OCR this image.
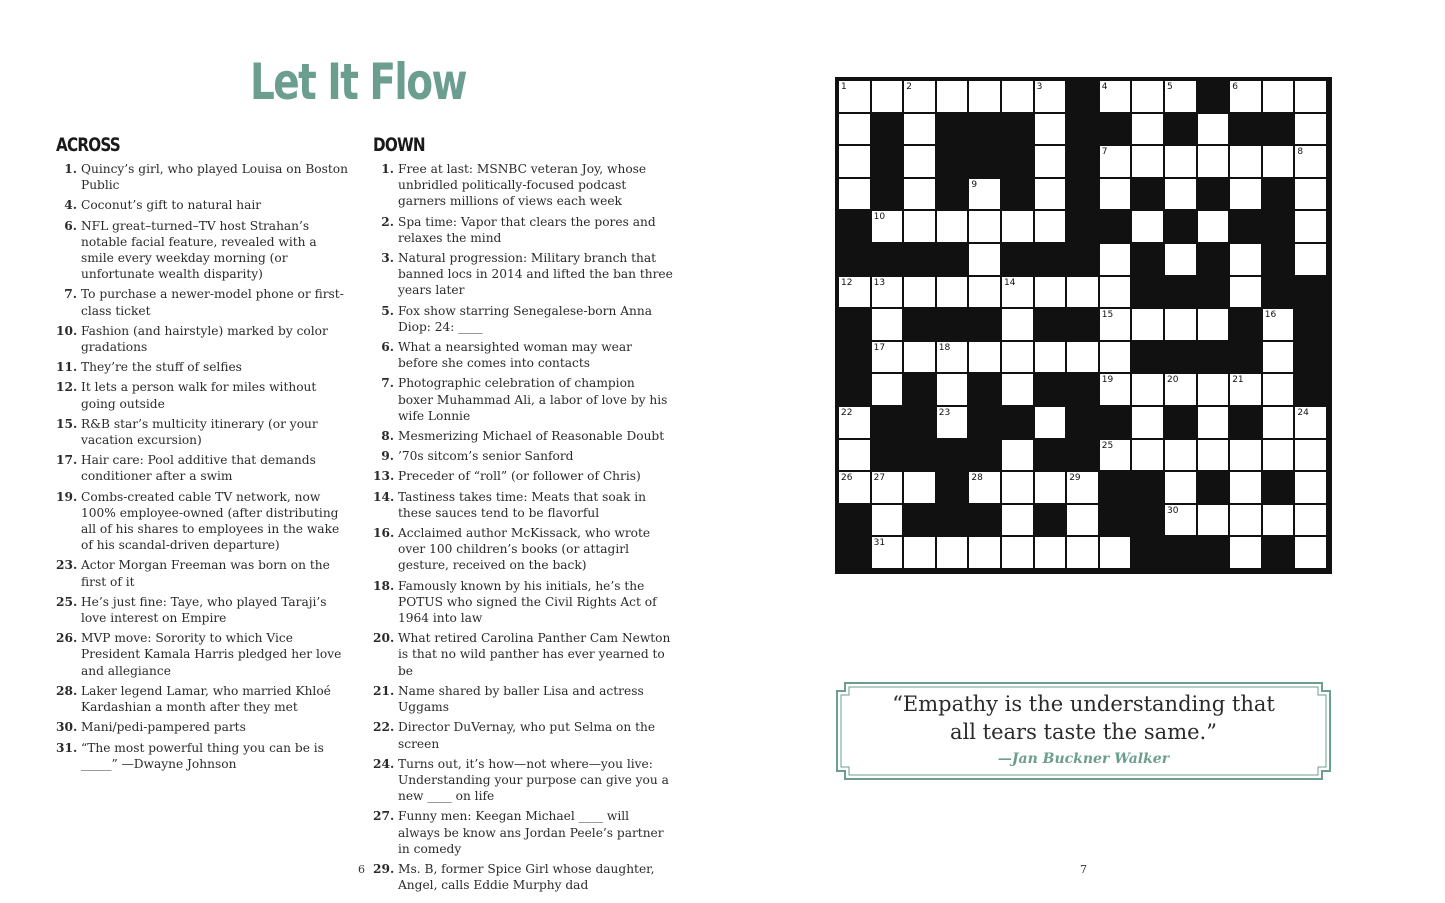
Let It Flow
ACROSS
1. Quincy’s girl, who played Louisa on Boston Public
4. Coconut’s gift to natural hair
6. NFL great–turned–TV host Strahan’s notable facial feature, revealed with a smile every weekday morning (or unfortunate wealth disparity)
7. To purchase a newer-model phone or first-class ticket
10. Fashion (and hairstyle) marked by color gradations
11. They’re the stuff of selfies
12. It lets a person walk for miles without going outside
15. R&B star’s multicity itinerary (or your vacation excursion)
17. Hair care: Pool additive that demands conditioner after a swim
19. Combs-created cable TV network, now 100% employee-owned (after distributing all of his shares to employees in the wake of his scandal-driven departure)
23. Actor Morgan Freeman was born on the first of it
25. He’s just fine: Taye, who played Taraji’s love interest on Empire
26. MVP move: Sorority to which Vice President Kamala Harris pledged her love and allegiance
28. Laker legend Lamar, who married Khloé Kardashian a month after they met
30. Mani/pedi-pampered parts
31. “The most powerful thing you can be is _____” —Dwayne Johnson
DOWN
1. Free at last: MSNBC veteran Joy, whose unbridled politically-focused podcast garners millions of views each week
2. Spa time: Vapor that clears the pores and relaxes the mind
3. Natural progression: Military branch that banned locs in 2014 and lifted the ban three years later
5. Fox show starring Senegalese-born Anna Diop: 24: ____
6. What a nearsighted woman may wear before she comes into contacts
7. Photographic celebration of champion boxer Muhammad Ali, a labor of love by his wife Lonnie
8. Mesmerizing Michael of Reasonable Doubt
9. ’70s sitcom’s senior Sanford
13. Preceder of “roll” (or follower of Chris)
14. Tastiness takes time: Meats that soak in these sauces tend to be flavorful
16. Acclaimed author McKissack, who wrote over 100 children’s books (or attagirl gesture, received on the back)
18. Famously known by his initials, he’s the POTUS who signed the Civil Rights Act of 1964 into law
20. What retired Carolina Panther Cam Newton is that no wild panther has ever yearned to be
21. Name shared by baller Lisa and actress Uggams
22. Director DuVernay, who put Selma on the screen
24. Turns out, it’s how—not where—you live: Understanding your purpose can give you a new ____ on life
27. Funny men: Keegan Michael ____ will always be know ans Jordan Peele’s partner in comedy
29. Ms. B, former Spice Girl whose daughter, Angel, calls Eddie Murphy dad
1	2	3	4	5	6
7	8
9
10
12 13	14
15	16
17	18
19	20	21
22	23	24
25
26 27	28	29
30
31
“Empathy is the understanding that
all tears taste the same.”
—Jan Buckner Walker
6	7
